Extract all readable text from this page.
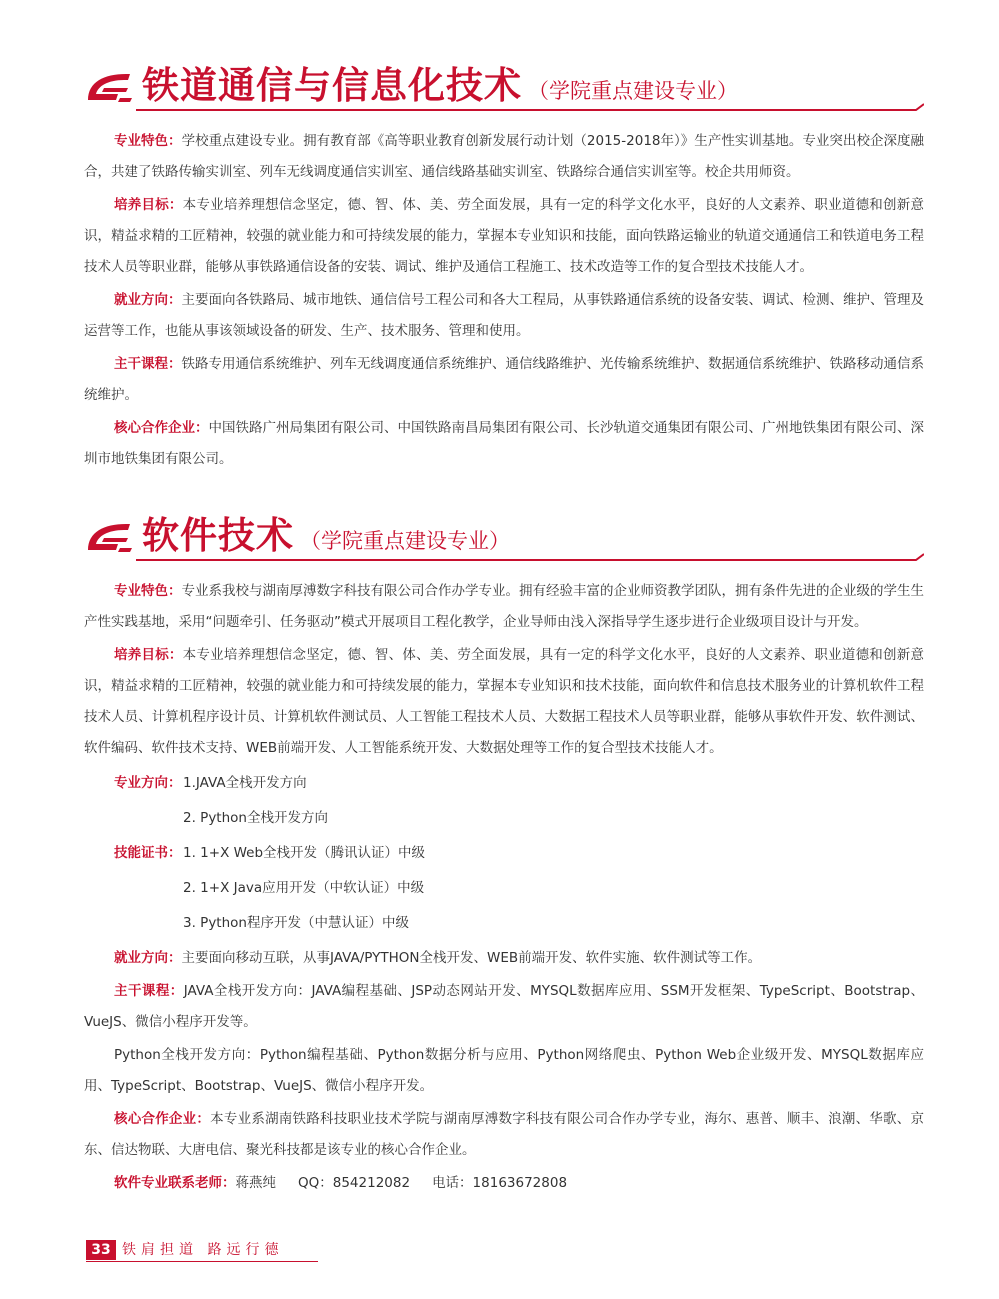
铁道通信与信息化技术 （学院重点建设专业）

专业特色：学校重点建设专业。拥有教育部《高等职业教育创新发展行动计划（2015-2018年）》生产性实训基地。专业突出校企深度融合，共建了铁路传输实训室、列车无线调度通信实训室、通信线路基础实训室、铁路综合通信实训室等。校企共用师资。

培养目标：本专业培养理想信念坚定，德、智、体、美、劳全面发展，具有一定的科学文化水平，良好的人文素养、职业道德和创新意识，精益求精的工匠精神，较强的就业能力和可持续发展的能力，掌握本专业知识和技能，面向铁路运输业的轨道交通通信工和铁道电务工程技术人员等职业群，能够从事铁路通信设备的安装、调试、维护及通信工程施工、技术改造等工作的复合型技术技能人才。

就业方向：主要面向各铁路局、城市地铁、通信信号工程公司和各大工程局，从事铁路通信系统的设备安装、调试、检测、维护、管理及运营等工作，也能从事该领域设备的研发、生产、技术服务、管理和使用。

主干课程：铁路专用通信系统维护、列车无线调度通信系统维护、通信线路维护、光传输系统维护、数据通信系统维护、铁路移动通信系统维护。

核心合作企业：中国铁路广州局集团有限公司、中国铁路南昌局集团有限公司、长沙轨道交通集团有限公司、广州地铁集团有限公司、深圳市地铁集团有限公司。

软件技术 （学院重点建设专业）

专业特色：专业系我校与湖南厚溥数字科技有限公司合作办学专业。拥有经验丰富的企业师资教学团队，拥有条件先进的企业级的学生生产性实践基地，采用“问题牵引、任务驱动”模式开展项目工程化教学，企业导师由浅入深指导学生逐步进行企业级项目设计与开发。

培养目标：本专业培养理想信念坚定，德、智、体、美、劳全面发展，具有一定的科学文化水平，良好的人文素养、职业道德和创新意识，精益求精的工匠精神，较强的就业能力和可持续发展的能力，掌握本专业知识和技术技能，面向软件和信息技术服务业的计算机软件工程技术人员、计算机程序设计员、计算机软件测试员、人工智能工程技术人员、大数据工程技术人员等职业群，能够从事软件开发、软件测试、软件编码、软件技术支持、WEB前端开发、人工智能系统开发、大数据处理等工作的复合型技术技能人才。

专业方向： 1.JAVA全栈开发方向
2. Python全栈开发方向
技能证书： 1. 1+X Web全栈开发（腾讯认证）中级
2. 1+X Java应用开发（中软认证）中级
3. Python程序开发（中慧认证）中级

就业方向：主要面向移动互联，从事JAVA/PYTHON全栈开发、WEB前端开发、软件实施、软件测试等工作。

主干课程：JAVA全栈开发方向：JAVA编程基础、JSP动态网站开发、MYSQL数据库应用、SSM开发框架、TypeScript、Bootstrap、VueJS、微信小程序开发等。

Python全栈开发方向：Python编程基础、Python数据分析与应用、Python网络爬虫、Python Web企业级开发、MYSQL数据库应用、TypeScript、Bootstrap、VueJS、微信小程序开发。

核心合作企业：本专业系湖南铁路科技职业技术学院与湖南厚溥数字科技有限公司合作办学专业，海尔、惠普、顺丰、浪潮、华歌、京东、信达物联、大唐电信、聚光科技都是该专业的核心合作企业。

软件专业联系老师：蒋燕纯 QQ：854212082 电话：18163672808

33 铁肩担道 路远行德
